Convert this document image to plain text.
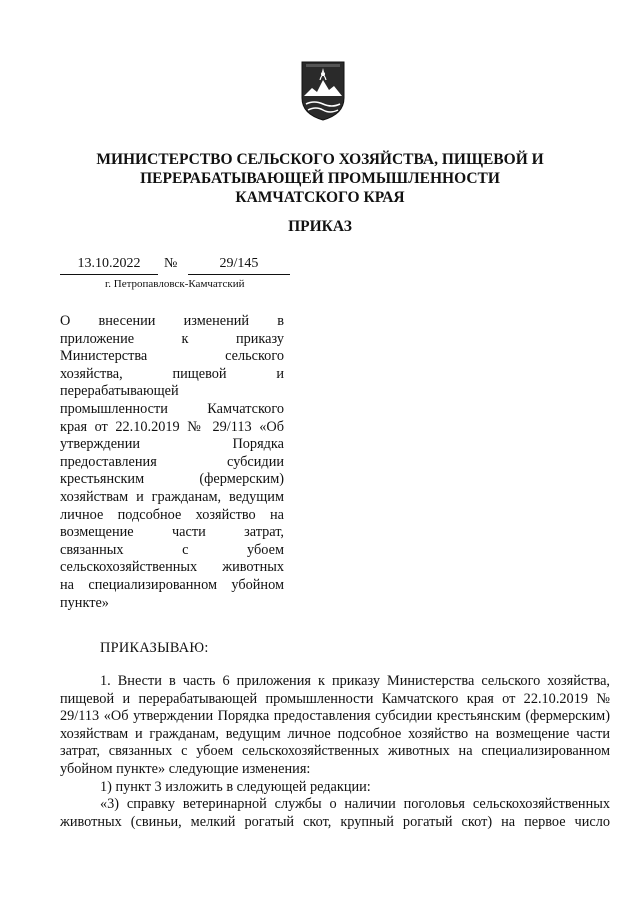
МИНИСТЕРСТВО СЕЛЬСКОГО ХОЗЯЙСТВА, ПИЩЕВОЙ И
ПЕРЕРАБАТЫВАЮЩЕЙ ПРОМЫШЛЕННОСТИ
КАМЧАТСКОГО КРАЯ
ПРИКАЗ
13.10.2022	№	29/145
г. Петропавловск-Камчатский
О внесении изменений в
приложение к приказу
Министерства сельского
хозяйства, пищевой и
перерабатывающей
промышленности Камчатского
края от 22.10.2019 № 29/113 «Об
утверждении Порядка
предоставления субсидии
крестьянским (фермерским)
хозяйствам и гражданам, ведущим
личное подсобное хозяйство на
возмещение части затрат,
связанных с убоем
сельскохозяйственных животных
на специализированном убойном
пункте»
ПРИКАЗЫВАЮ:

1. Внести в часть 6 приложения к приказу Министерства сельского хозяйства, пищевой и перерабатывающей промышленности Камчатского края от 22.10.2019 № 29/113 «Об утверждении Порядка предоставления субсидии крестьянским (фермерским) хозяйствам и гражданам, ведущим личное подсобное хозяйство на возмещение части затрат, связанных с убоем сельскохозяйственных животных на специализированном убойном пункте» следующие изменения:

1) пункт 3 изложить в следующей редакции:

«3) справку ветеринарной службы о наличии поголовья сельскохозяйственных животных (свиньи, мелкий рогатый скот, крупный рогатый скот) на первое число
